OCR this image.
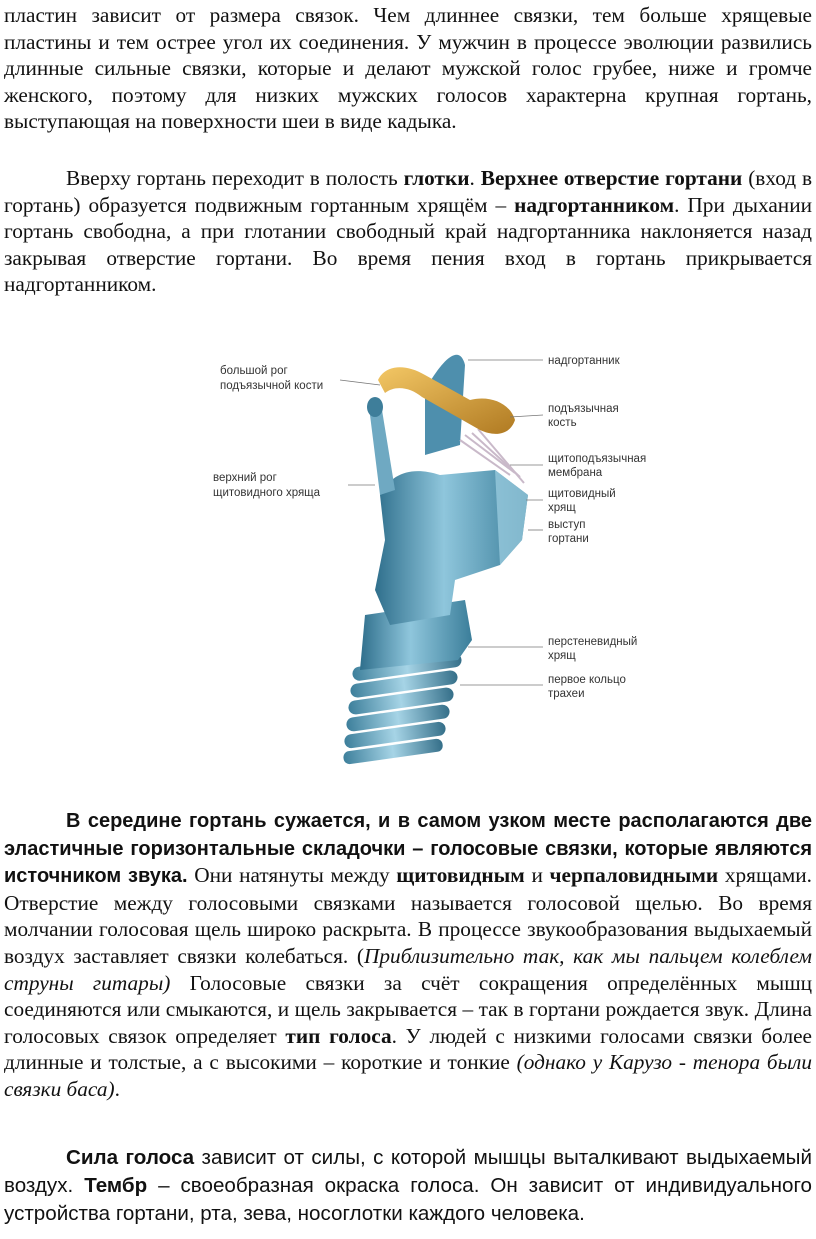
пластин зависит от размера связок. Чем длиннее связки, тем больше хрящевые пластины и тем острее угол их соединения. У мужчин в процессе эволюции развились длинные сильные связки, которые и делают мужской голос грубее, ниже и громче женского, поэтому для низких мужских голосов характерна крупная гортань, выступающая на поверхности шеи в виде кадыка.

Вверху гортань переходит в полость глотки. Верхнее отверстие гортани (вход в гортань) образуется подвижным гортанным хрящём – надгортанником. При дыхании гортань свободна, а при глотании свободный край надгортанника наклоняется назад закрывая отверстие гортани. Во время пения вход в гортань прикрывается надгортанником.

большой рог
подъязычной кости
верхний рог
щитовидного хряща
надгортанник
подъязычная
кость
щитоподъязычная
мембрана
щитовидный
хрящ
выступ
гортани
перстеневидный
хрящ
первое кольцо
трахеи

В середине гортань сужается, и в самом узком месте располагаются две эластичные горизонтальные складочки – голосовые связки, которые являются источником звука. Они натянуты между щитовидным и черпаловидными хрящами. Отверстие между голосовыми связками называется голосовой щелью. Во время молчании голосовая щель широко раскрыта. В процессе звукообразования выдыхаемый воздух заставляет связки колебаться. (Приблизительно так, как мы пальцем колеблем струны гитары) Голосовые связки за счёт сокращения определённых мышц соединяются или смыкаются, и щель закрывается – так в гортани рождается звук. Длина голосовых связок определяет тип голоса. У людей с низкими голосами связки более длинные и толстые, а с высокими – короткие и тонкие (однако у Карузо - тенора были связки баса).

Сила голоса зависит от силы, с которой мышцы выталкивают выдыхаемый воздух. Тембр – своеобразная окраска голоса. Он зависит от индивидуального устройства гортани, рта, зева, носоглотки каждого человека.
